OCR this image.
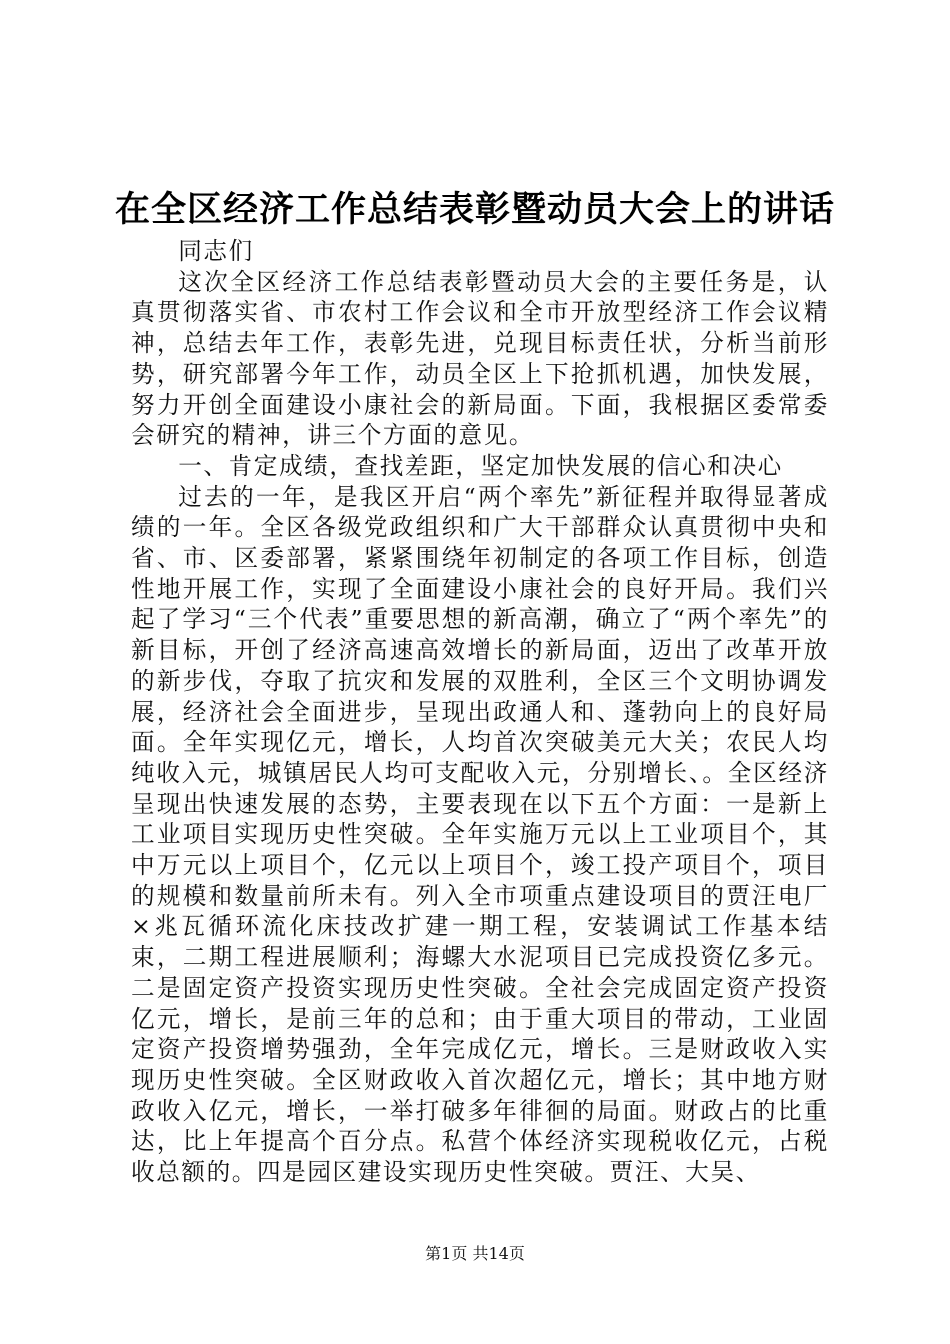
在全区经济工作总结表彰暨动员大会上的讲话

同志们

这次全区经济工作总结表彰暨动员大会的主要任务是，认真贯彻落实省、市农村工作会议和全市开放型经济工作会议精神，总结去年工作，表彰先进，兑现目标责任状，分析当前形势，研究部署今年工作，动员全区上下抢抓机遇，加快发展，努力开创全面建设小康社会的新局面。下面，我根据区委常委会研究的精神，讲三个方面的意见。

一、肯定成绩，查找差距，坚定加快发展的信心和决心

过去的一年，是我区开启“两个率先”新征程并取得显著成绩的一年。全区各级党政组织和广大干部群众认真贯彻中央和省、市、区委部署，紧紧围绕年初制定的各项工作目标，创造性地开展工作，实现了全面建设小康社会的良好开局。我们兴起了学习“三个代表”重要思想的新高潮，确立了“两个率先”的新目标，开创了经济高速高效增长的新局面，迈出了改革开放的新步伐，夺取了抗灾和发展的双胜利，全区三个文明协调发展，经济社会全面进步，呈现出政通人和、蓬勃向上的良好局面。全年实现亿元，增长，人均首次突破美元大关；农民人均纯收入元，城镇居民人均可支配收入元，分别增长、。全区经济呈现出快速发展的态势，主要表现在以下五个方面：一是新上工业项目实现历史性突破。全年实施万元以上工业项目个，其中万元以上项目个，亿元以上项目个，竣工投产项目个，项目的规模和数量前所未有。列入全市项重点建设项目的贾汪电厂×兆瓦循环流化床技改扩建一期工程，安装调试工作基本结束，二期工程进展顺利；海螺大水泥项目已完成投资亿多元。二是固定资产投资实现历史性突破。全社会完成固定资产投资亿元，增长，是前三年的总和；由于重大项目的带动，工业固定资产投资增势强劲，全年完成亿元，增长。三是财政收入实现历史性突破。全区财政收入首次超亿元，增长；其中地方财政收入亿元，增长，一举打破多年徘徊的局面。财政占的比重达，比上年提高个百分点。私营个体经济实现税收亿元，占税收总额的。四是园区建设实现历史性突破。贾汪、大吴、

第1页 共14页
